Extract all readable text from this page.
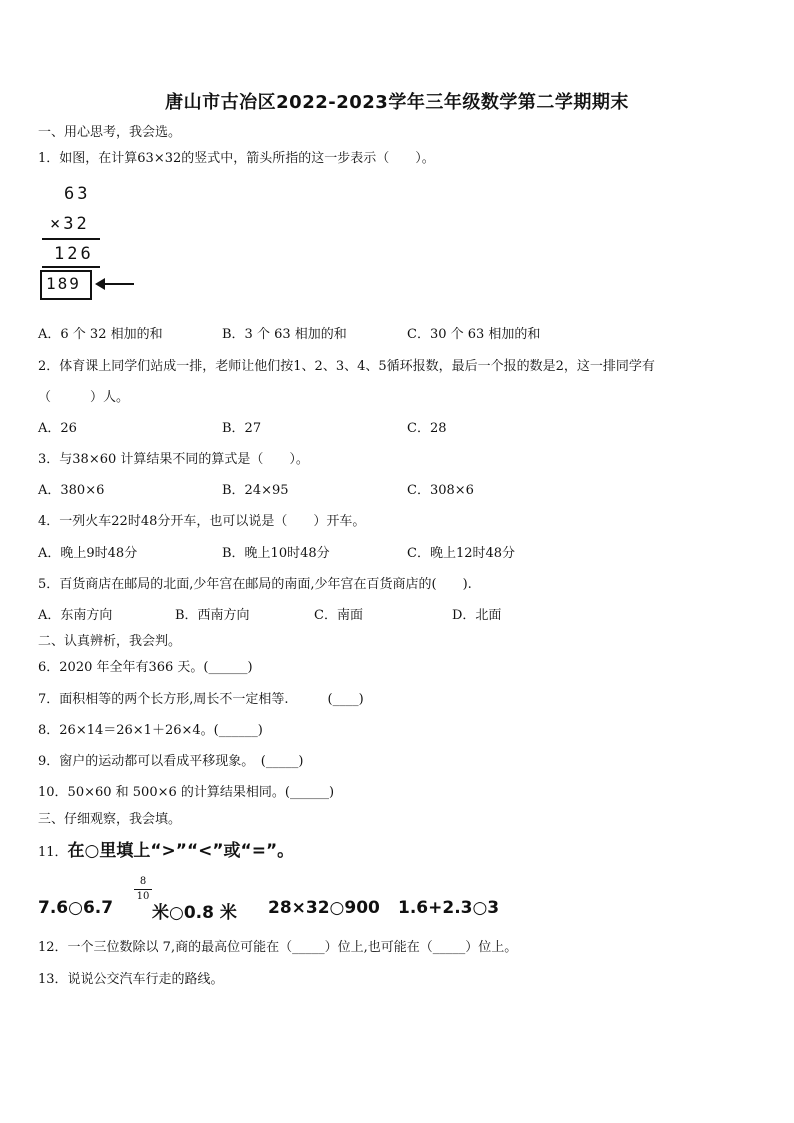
唐山市古冶区2022-2023学年三年级数学第二学期期末
一、用心思考，我会选。
1．如图，在计算63×32的竖式中，箭头所指的这一步表示（　　）。
63
×32
126
189
A．6 个 32 相加的和	B．3 个 63 相加的和	C．30 个 63 相加的和
2．体育课上同学们站成一排，老师让他们按1、2、3、4、5循环报数，最后一个报的数是2，这一排同学有
（　　　）人。
A．26	B．27	C．28
3．与38×60 计算结果不同的算式是（　　）。
A．380×6	B．24×95	C．308×6
4．一列火车22时48分开车，也可以说是（　　）开车。
A．晚上9时48分	B．晚上10时48分	C．晚上12时48分
5．百货商店在邮局的北面,少年宫在邮局的南面,少年宫在百货商店的(　　).
A．东南方向	B．西南方向	C．南面	D．北面
二、认真辨析，我会判。
6．2020 年全年有366 天。(______)
7．面积相等的两个长方形,周长不一定相等.　　　(____)
8．26×14＝26×1＋26×4。(______)
9．窗户的运动都可以看成平移现象。　(_____)
10．50×60 和 500×6 的计算结果相同。(______)
三、仔细观察，我会填。
11．在○里填上“>”“<”或“=”。
7.6○6.7
8
10
米○0.8 米 28×32○900 1.6+2.3○3
12．一个三位数除以 7,商的最高位可能在（_____）位上,也可能在（_____）位上。
13．说说公交汽车行走的路线。
